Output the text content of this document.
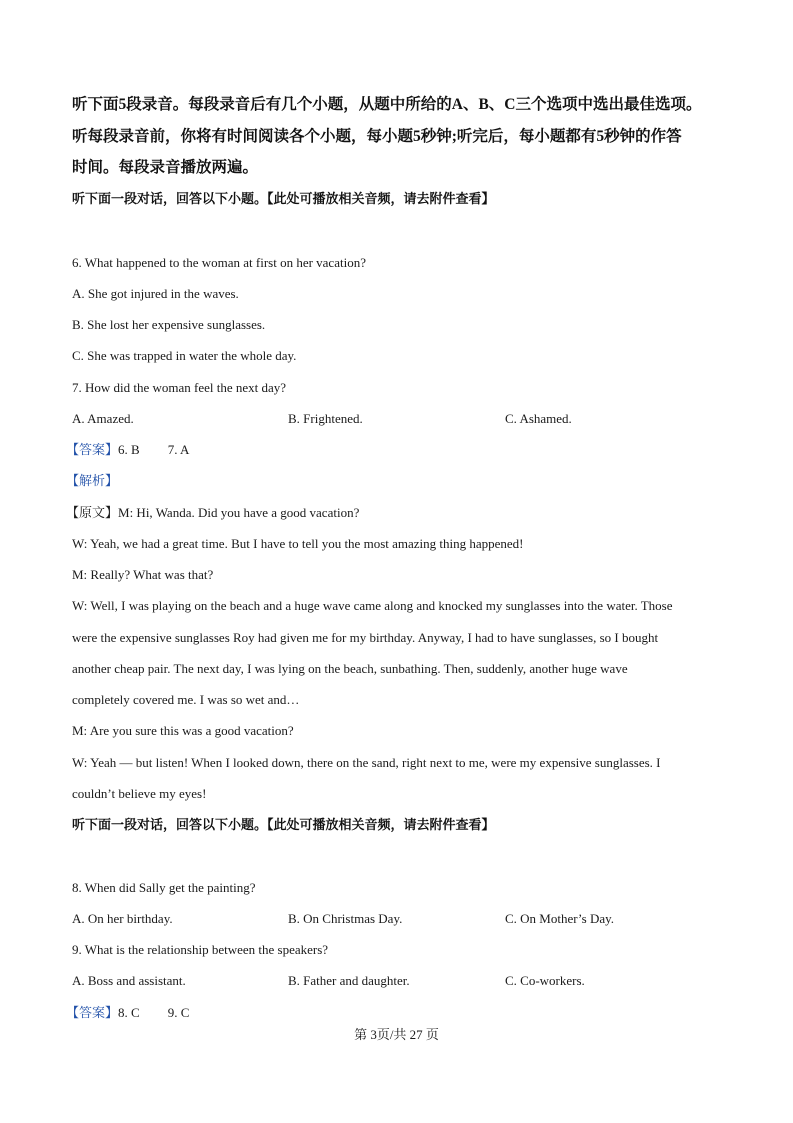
听下面5段录音。每段录音后有几个小题，从题中所给的A、B、C三个选项中选出最佳选项。
听每段录音前，你将有时间阅读各个小题，每小题5秒钟;听完后，每小题都有5秒钟的作答
时间。每段录音播放两遍。
听下面一段对话，回答以下小题。【此处可播放相关音频，请去附件查看】
6. What happened to the woman at first on her vacation?
A. She got injured in the waves.
B. She lost her expensive sunglasses.
C. She was trapped in water the whole day.
7. How did the woman feel the next day?
A. Amazed.	B. Frightened.	C. Ashamed.
【答案】6. B 7. A
【解析】
【原文】M: Hi, Wanda. Did you have a good vacation?
W: Yeah, we had a great time. But I have to tell you the most amazing thing happened!
M: Really? What was that?
W: Well, I was playing on the beach and a huge wave came along and knocked my sunglasses into the water. Those
were the expensive sunglasses Roy had given me for my birthday. Anyway, I had to have sunglasses, so I bought
another cheap pair. The next day, I was lying on the beach, sunbathing. Then, suddenly, another huge wave
completely covered me. I was so wet and…
M: Are you sure this was a good vacation?
W: Yeah — but listen! When I looked down, there on the sand, right next to me, were my expensive sunglasses. I
couldn’t believe my eyes!
听下面一段对话，回答以下小题。【此处可播放相关音频，请去附件查看】
8. When did Sally get the painting?
A. On her birthday.	B. On Christmas Day.	C. On Mother’s Day.
9. What is the relationship between the speakers?
A. Boss and assistant.	B. Father and daughter.	C. Co-workers.
【答案】8. C 9. C
第 3页/共 27 页
